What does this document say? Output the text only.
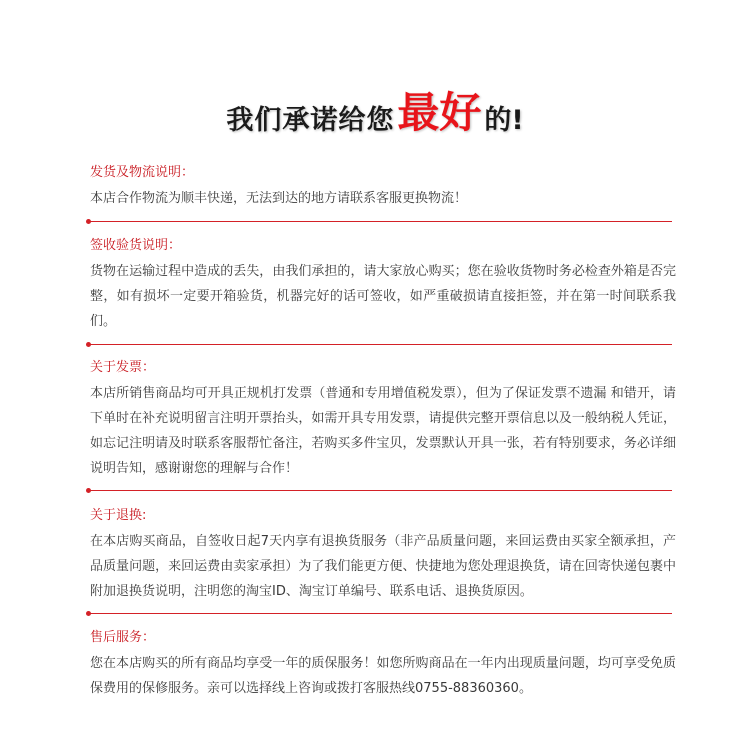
我们承诺给您 最好 的!
发货及物流说明：
本店合作物流为顺丰快递，无法到达的地方请联系客服更换物流！
签收验货说明：
货物在运输过程中造成的丢失，由我们承担的，请大家放心购买；您在验收货物时务必检查外箱是否完整，如有损坏一定要开箱验货，机器完好的话可签收，如严重破损请直接拒签，并在第一时间联系我们。
关于发票：
本店所销售商品均可开具正规机打发票（普通和专用增值税发票），但为了保证发票不遗漏 和错开，请下单时在补充说明留言注明开票抬头，如需开具专用发票，请提供完整开票信息以及一般纳税人凭证，如忘记注明请及时联系客服帮忙备注，若购买多件宝贝，发票默认开具一张，若有特别要求，务必详细说明告知，感谢谢您的理解与合作！
关于退换:
在本店购买商品，自签收日起7天内享有退换货服务（非产品质量问题，来回运费由买家全额承担，产品质量问题，来回运费由卖家承担）为了我们能更方便、快捷地为您处理退换货，请在回寄快递包裹中附加退换货说明，注明您的淘宝ID、淘宝订单编号、联系电话、退换货原因。
售后服务：
您在本店购买的所有商品均享受一年的质保服务！如您所购商品在一年内出现质量问题，均可享受免质保费用的保修服务。亲可以选择线上咨询或拨打客服热线0755-88360360。
